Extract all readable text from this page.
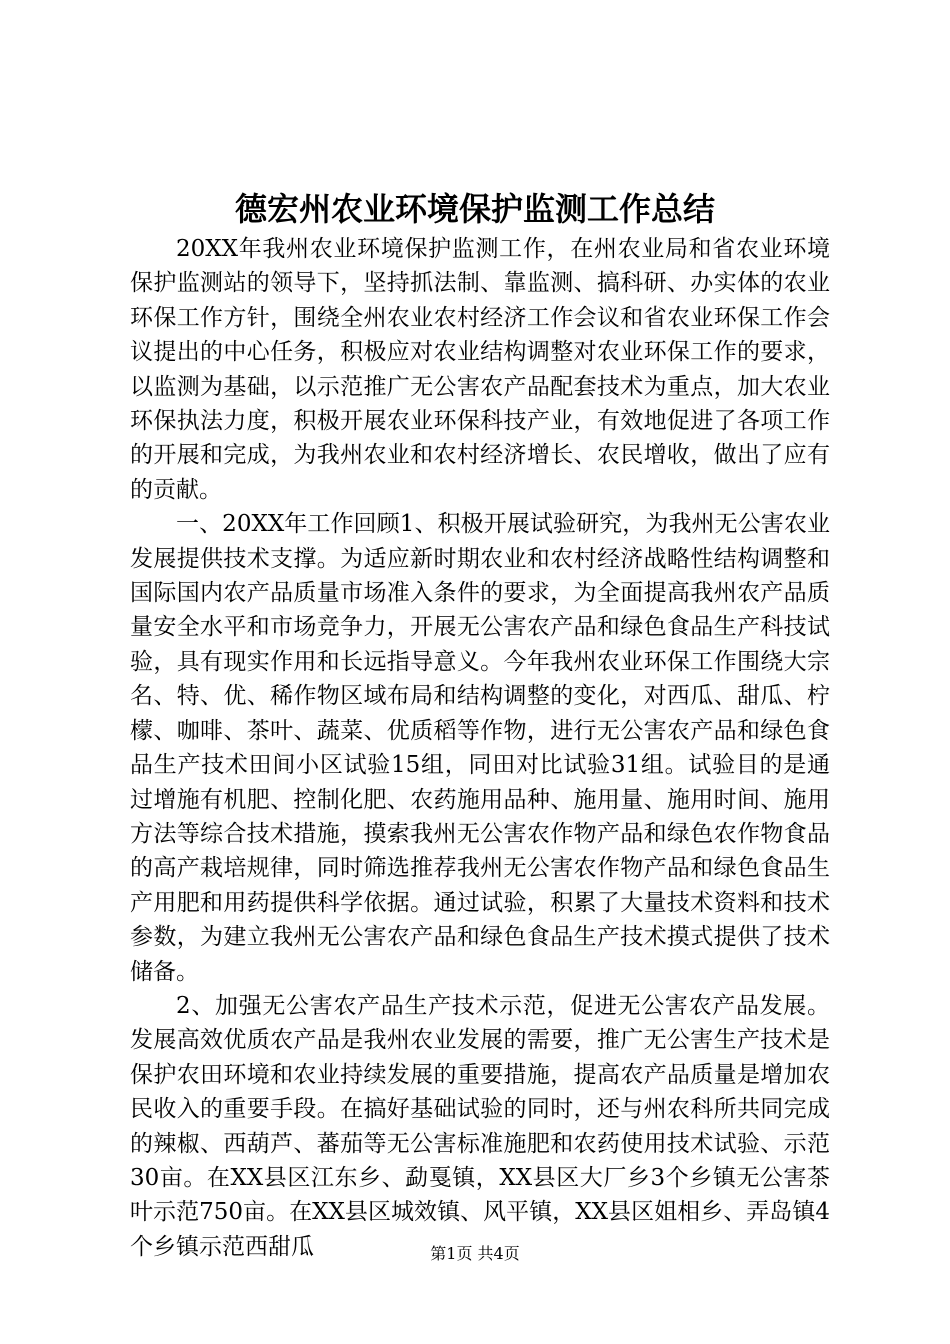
德宏州农业环境保护监测工作总结

20XX年我州农业环境保护监测工作，在州农业局和省农业环境保护监测站的领导下，坚持抓法制、靠监测、搞科研、办实体的农业环保工作方针，围绕全州农业农村经济工作会议和省农业环保工作会议提出的中心任务，积极应对农业结构调整对农业环保工作的要求，以监测为基础，以示范推广无公害农产品配套技术为重点，加大农业环保执法力度，积极开展农业环保科技产业，有效地促进了各项工作的开展和完成，为我州农业和农村经济增长、农民增收，做出了应有的贡献。

一、20XX年工作回顾1、积极开展试验研究，为我州无公害农业发展提供技术支撑。为适应新时期农业和农村经济战略性结构调整和国际国内农产品质量市场准入条件的要求，为全面提高我州农产品质量安全水平和市场竞争力，开展无公害农产品和绿色食品生产科技试验，具有现实作用和长远指导意义。今年我州农业环保工作围绕大宗名、特、优、稀作物区域布局和结构调整的变化，对西瓜、甜瓜、柠檬、咖啡、茶叶、蔬菜、优质稻等作物，进行无公害农产品和绿色食品生产技术田间小区试验15组，同田对比试验31组。试验目的是通过增施有机肥、控制化肥、农药施用品种、施用量、施用时间、施用方法等综合技术措施，摸索我州无公害农作物产品和绿色农作物食品的高产栽培规律，同时筛选推荐我州无公害农作物产品和绿色食品生产用肥和用药提供科学依据。通过试验，积累了大量技术资料和技术参数，为建立我州无公害农产品和绿色食品生产技术摸式提供了技术储备。

2、加强无公害农产品生产技术示范，促进无公害农产品发展。发展高效优质农产品是我州农业发展的需要，推广无公害生产技术是保护农田环境和农业持续发展的重要措施，提高农产品质量是增加农民收入的重要手段。在搞好基础试验的同时，还与州农科所共同完成的辣椒、西葫芦、蕃茄等无公害标准施肥和农药使用技术试验、示范30亩。在XX县区江东乡、勐戛镇，XX县区大厂乡3个乡镇无公害茶叶示范750亩。在XX县区城效镇、风平镇，XX县区姐相乡、弄岛镇4个乡镇示范西甜瓜	第1页 共4页
